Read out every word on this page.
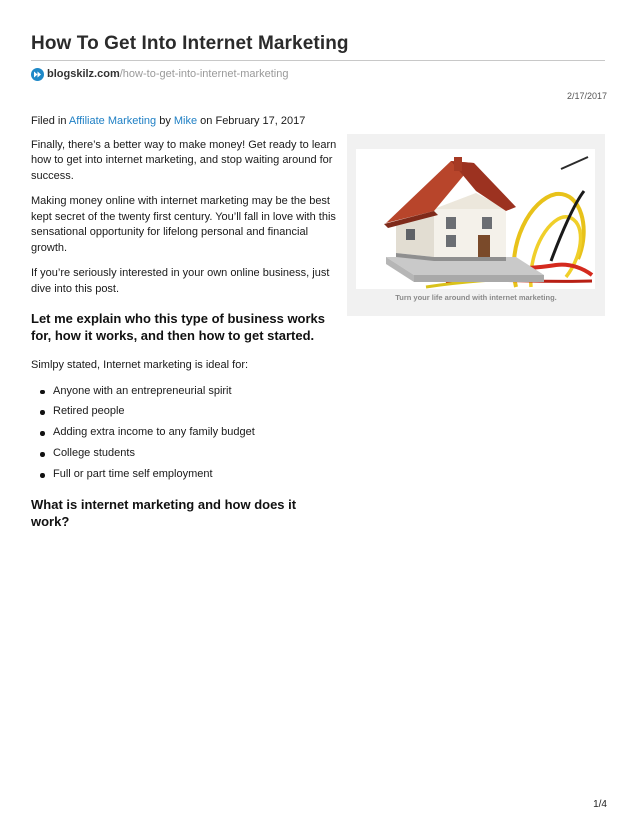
How To Get Into Internet Marketing
blogskilz.com /how-to-get-into-internet-marketing
2/17/2017

Filed in Affiliate Marketing by Mike on February 17, 2017

Finally, there’s a better way to make money! Get ready to learn how to get into internet marketing, and stop waiting around for success.

Making money online with internet marketing may be the best kept secret of the twenty first century. You’ll fall in love with this sensational opportunity for lifelong personal and financial growth.

If you’re seriously interested in your own online business, just dive into this post.

Let me explain who this type of business works for, how it works, and then how to get started.

Simlpy stated, Internet marketing is ideal for:

Anyone with an entrepreneurial spirit
Retired people
Adding extra income to any family budget
College students
Full or part time self employment
What is internet marketing and how does it work?
Turn your life around with internet marketing.
1/4
